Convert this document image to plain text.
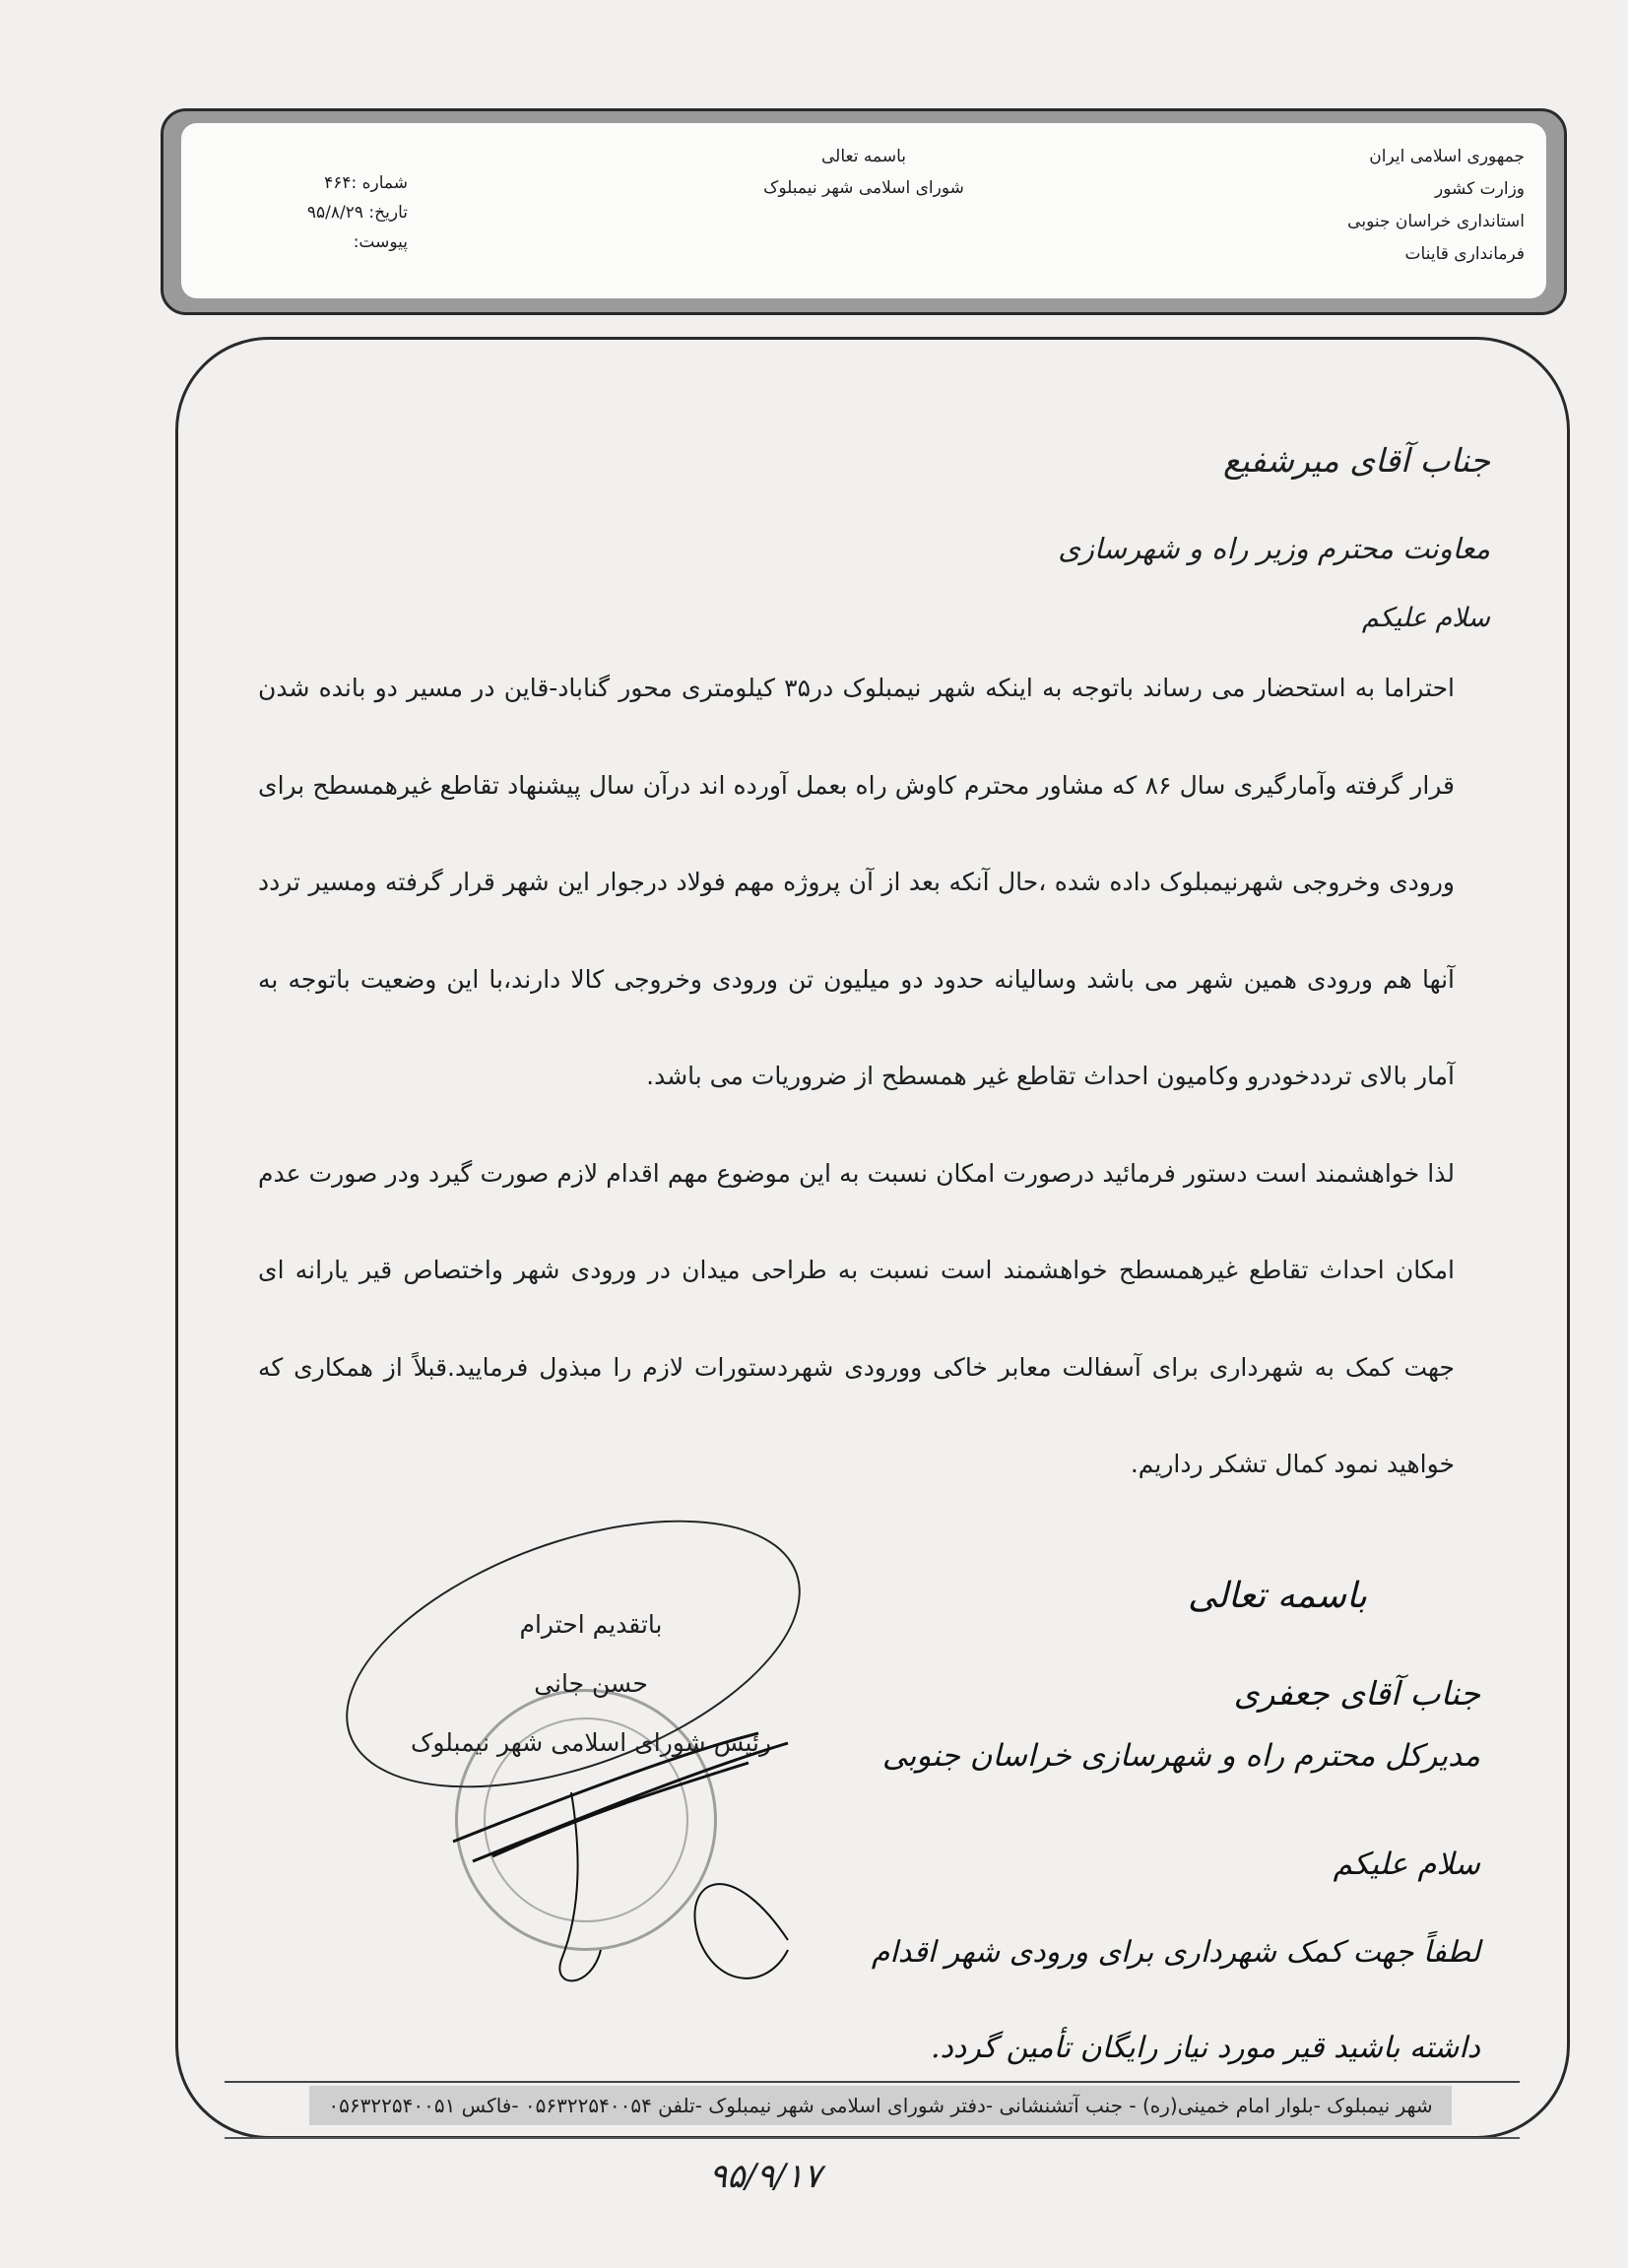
جمهوری اسلامی ایران
وزارت کشور
استانداری خراسان جنوبی
فرمانداری قاینات
باسمه تعالی
شورای اسلامی شهر نیمبلوک
شماره :۴۶۴
تاریخ: ۹۵/۸/۲۹
پیوست:
جناب آقای میرشفیع
معاونت محترم وزیر راه و شهرسازی
سلام علیکم

احتراما به استحضار می رساند باتوجه به اینکه شهر نیمبلوک در۳۵ کیلومتری محور گناباد-قاین در مسیر دو بانده شدن قرار گرفته وآمارگیری سال ۸۶ که مشاور محترم کاوش راه بعمل آورده اند درآن سال پیشنهاد تقاطع غیرهمسطح برای ورودی وخروجی شهرنیمبلوک داده شده ،حال آنکه بعد از آن پروژه مهم فولاد درجوار این شهر قرار گرفته ومسیر تردد آنها هم ورودی همین شهر می باشد وسالیانه حدود دو میلیون تن ورودی وخروجی کالا دارند،با این وضعیت باتوجه به آمار بالای ترددخودرو وکامیون احداث تقاطع غیر همسطح از ضروریات می باشد.

لذا خواهشمند است دستور فرمائید درصورت امکان نسبت به این موضوع مهم اقدام لازم صورت گیرد ودر صورت عدم امکان احداث تقاطع غیرهمسطح خواهشمند است نسبت به طراحی میدان در ورودی شهر واختصاص قیر یارانه ای جهت کمک به شهرداری برای آسفالت معابر خاکی وورودی شهردستورات لازم را مبذول فرمایید.قبلاً از همکاری که خواهید نمود کمال تشکر رداریم.

باتقدیم احترام
حسن جانی
رئیس شورای اسلامی شهر نیمبلوک
باسمه تعالی
جناب آقای جعفری
مدیرکل محترم راه و شهرسازی خراسان جنوبی
سلام علیکم
لطفاً جهت کمک شهرداری برای ورودی شهر اقدام
داشته باشید قیر مورد نیاز رایگان تأمین گردد.
شهر نیمبلوک -بلوار امام خمینی(ره) - جنب آتشنشانی -دفتر شورای اسلامی شهر نیمبلوک -تلفن ۰۵۶۳۲۲۵۴۰۰۵۴ -فاکس ۰۵۶۳۲۲۵۴۰۰۵۱
۹۵/۹/۱۷
